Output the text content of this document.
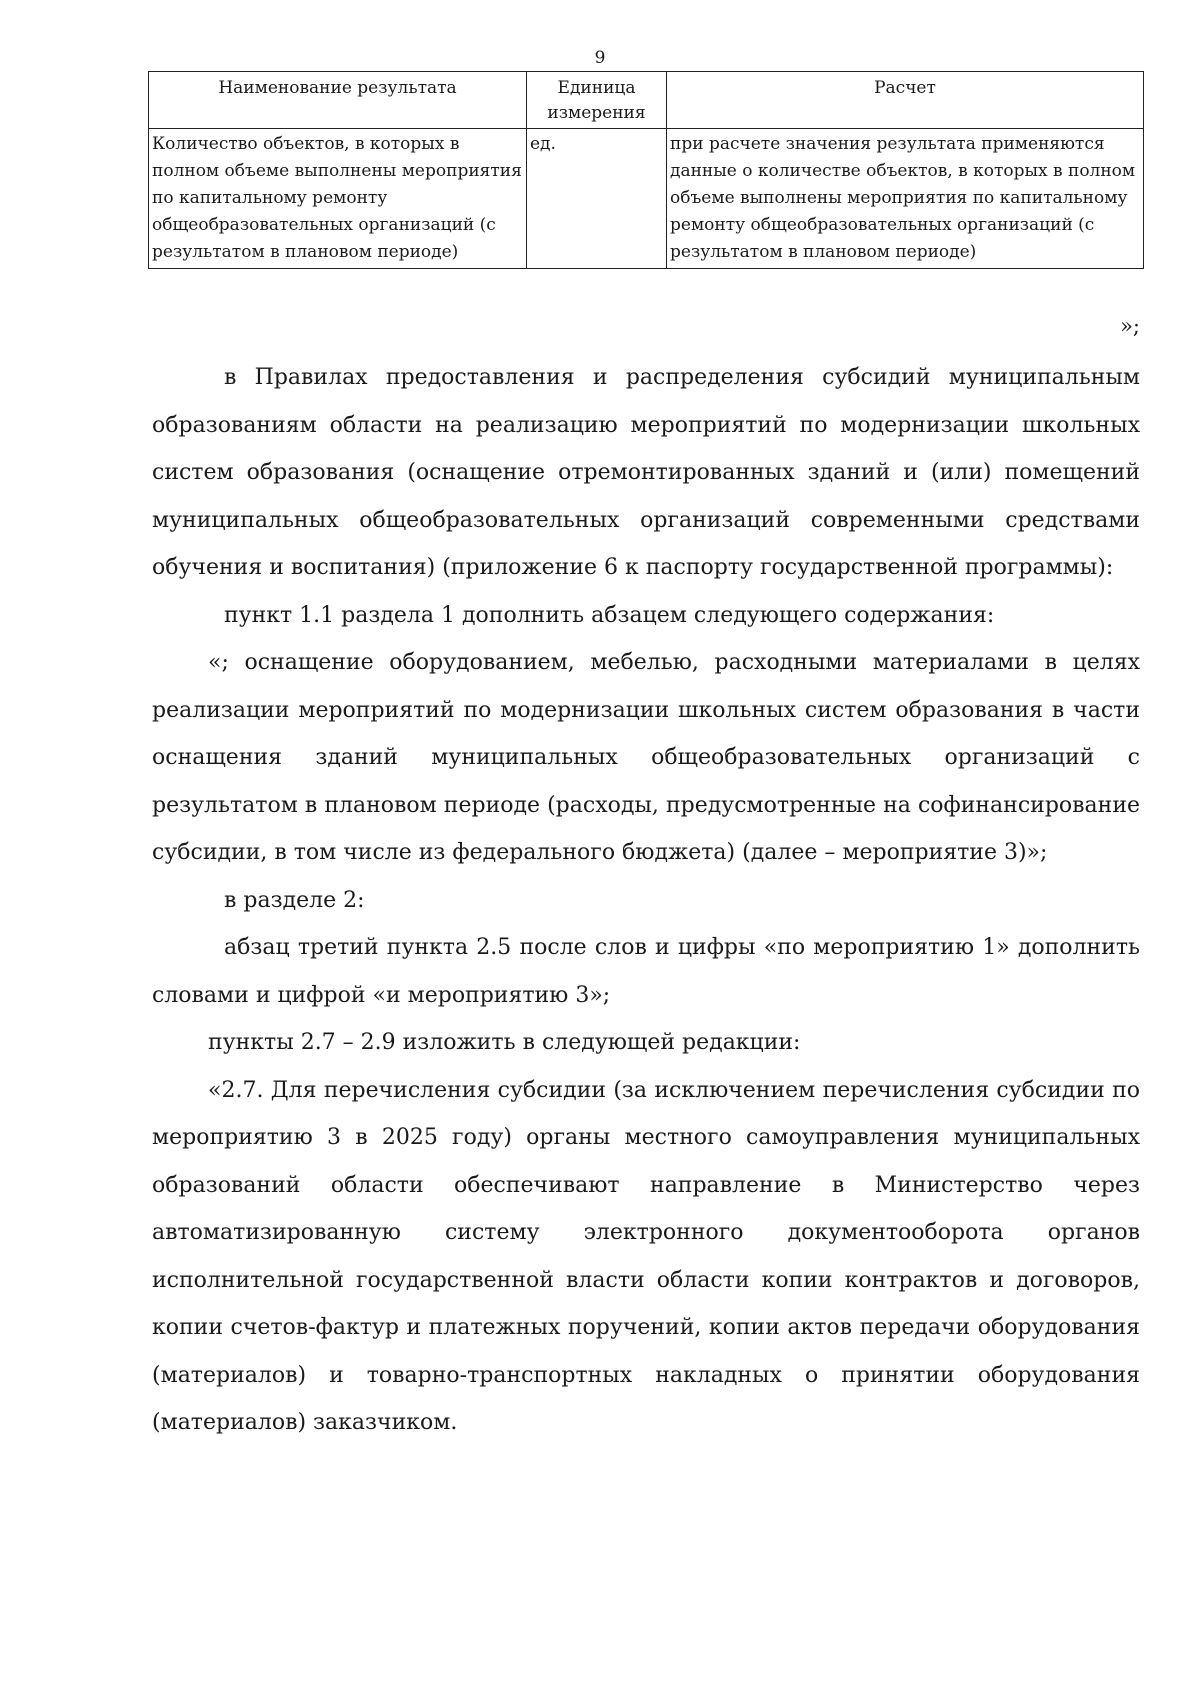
9
Наименование результата	Единица измерения	Расчет
Количество объектов, в которых в полном объеме выполнены мероприятия по капитальному ремонту общеобразовательных организаций (с результатом в плановом периоде)	ед.	при расчете значения результата применяются данные о количестве объектов, в которых в полном объеме выполнены мероприятия по капитальному ремонту общеобразовательных организаций (с результатом в плановом периоде)
»;

в Правилах предоставления и распределения субсидий муниципальным образованиям области на реализацию мероприятий по модернизации школьных систем образования (оснащение отремонтированных зданий и (или) помещений муниципальных общеобразовательных организаций современными средствами обучения и воспитания) (приложение 6 к паспорту государственной программы):

пункт 1.1 раздела 1 дополнить абзацем следующего содержания:

«; оснащение оборудованием, мебелью, расходными материалами в целях реализации мероприятий по модернизации школьных систем образования в части оснащения зданий муниципальных общеобразовательных организаций с результатом в плановом периоде (расходы, предусмотренные на софинансирование субсидии, в том числе из федерального бюджета) (далее – мероприятие 3)»;

в разделе 2:

абзац третий пункта 2.5 после слов и цифры «по мероприятию 1» дополнить словами и цифрой «и мероприятию 3»;

пункты 2.7 – 2.9 изложить в следующей редакции:

«2.7. Для перечисления субсидии (за исключением перечисления субсидии по мероприятию 3 в 2025 году) органы местного самоуправления муниципальных образований области обеспечивают направление в Министерство через автоматизированную систему электронного документооборота органов исполнительной государственной власти области копии контрактов и договоров, копии счетов-фактур и платежных поручений, копии актов передачи оборудования (материалов) и товарно-транспортных накладных о принятии оборудования (материалов) заказчиком.
